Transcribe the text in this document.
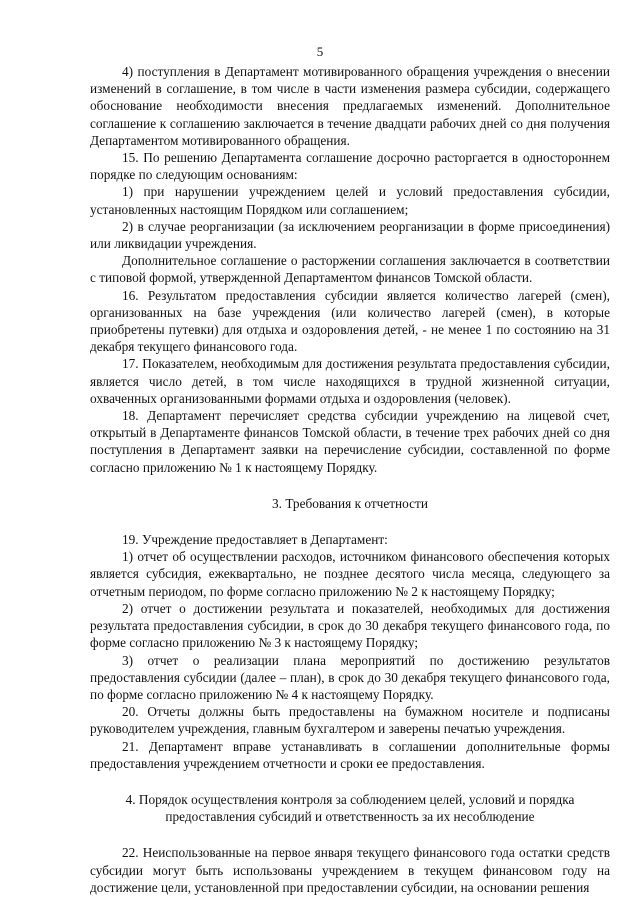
5

4) поступления в Департамент мотивированного обращения учреждения о внесении изменений в соглашение, в том числе в части изменения размера субсидии, содержащего обоснование необходимости внесения предлагаемых изменений. Дополнительное соглашение к соглашению заключается в течение двадцати рабочих дней со дня получения Департаментом мотивированного обращения.

15. По решению Департамента соглашение досрочно расторгается в одностороннем порядке по следующим основаниям:

1) при нарушении учреждением целей и условий предоставления субсидии, установленных настоящим Порядком или соглашением;

2) в случае реорганизации (за исключением реорганизации в форме присоединения) или ликвидации учреждения.

Дополнительное соглашение о расторжении соглашения заключается в соответствии с типовой формой, утвержденной Департаментом финансов Томской области.

16. Результатом предоставления субсидии является количество лагерей (смен), организованных на базе учреждения (или количество лагерей (смен), в которые приобретены путевки) для отдыха и оздоровления детей, - не менее 1 по состоянию на 31 декабря текущего финансового года.

17. Показателем, необходимым для достижения результата предоставления субсидии, является число детей, в том числе находящихся в трудной жизненной ситуации, охваченных организованными формами отдыха и оздоровления (человек).

18. Департамент перечисляет средства субсидии учреждению на лицевой счет, открытый в Департаменте финансов Томской области, в течение трех рабочих дней со дня поступления в Департамент заявки на перечисление субсидии, составленной по форме согласно приложению № 1 к настоящему Порядку.

3. Требования к отчетности

19. Учреждение предоставляет в Департамент:

1) отчет об осуществлении расходов, источником финансового обеспечения которых является субсидия, ежеквартально, не позднее десятого числа месяца, следующего за отчетным периодом, по форме согласно приложению № 2 к настоящему Порядку;

2) отчет о достижении результата и показателей, необходимых для достижения результата предоставления субсидии, в срок до 30 декабря текущего финансового года, по форме согласно приложению № 3 к настоящему Порядку;

3) отчет о реализации плана мероприятий по достижению результатов предоставления субсидии (далее – план), в срок до 30 декабря текущего финансового года, по форме согласно приложению № 4 к настоящему Порядку.

20. Отчеты должны быть предоставлены на бумажном носителе и подписаны руководителем учреждения, главным бухгалтером и заверены печатью учреждения.

21. Департамент вправе устанавливать в соглашении дополнительные формы предоставления учреждением отчетности и сроки ее предоставления.

4. Порядок осуществления контроля за соблюдением целей, условий и порядка
предоставления субсидий и ответственность за их несоблюдение

22. Неиспользованные на первое января текущего финансового года остатки средств субсидии могут быть использованы учреждением в текущем финансовом году на достижение цели, установленной при предоставлении субсидии, на основании решения
